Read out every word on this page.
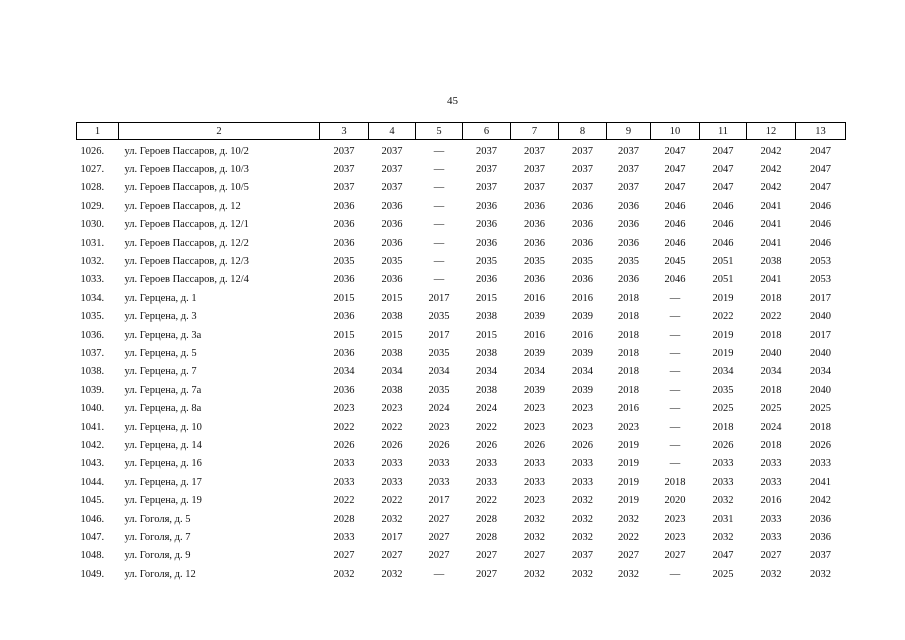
45
1	2	3	4	5	6	7	8	9	10	11	12	13
1026.	ул. Героев Пассаров, д. 10/2	2037	2037	—	2037	2037	2037	2037	2047	2047	2042	2047
1027.	ул. Героев Пассаров, д. 10/3	2037	2037	—	2037	2037	2037	2037	2047	2047	2042	2047
1028.	ул. Героев Пассаров, д. 10/5	2037	2037	—	2037	2037	2037	2037	2047	2047	2042	2047
1029.	ул. Героев Пассаров, д. 12	2036	2036	—	2036	2036	2036	2036	2046	2046	2041	2046
1030.	ул. Героев Пассаров, д. 12/1	2036	2036	—	2036	2036	2036	2036	2046	2046	2041	2046
1031.	ул. Героев Пассаров, д. 12/2	2036	2036	—	2036	2036	2036	2036	2046	2046	2041	2046
1032.	ул. Героев Пассаров, д. 12/3	2035	2035	—	2035	2035	2035	2035	2045	2051	2038	2053
1033.	ул. Героев Пассаров, д. 12/4	2036	2036	—	2036	2036	2036	2036	2046	2051	2041	2053
1034.	ул. Герцена, д. 1	2015	2015	2017	2015	2016	2016	2018	—	2019	2018	2017
1035.	ул. Герцена, д. 3	2036	2038	2035	2038	2039	2039	2018	—	2022	2022	2040
1036.	ул. Герцена, д. 3а	2015	2015	2017	2015	2016	2016	2018	—	2019	2018	2017
1037.	ул. Герцена, д. 5	2036	2038	2035	2038	2039	2039	2018	—	2019	2040	2040
1038.	ул. Герцена, д. 7	2034	2034	2034	2034	2034	2034	2018	—	2034	2034	2034
1039.	ул. Герцена, д. 7а	2036	2038	2035	2038	2039	2039	2018	—	2035	2018	2040
1040.	ул. Герцена, д. 8а	2023	2023	2024	2024	2023	2023	2016	—	2025	2025	2025
1041.	ул. Герцена, д. 10	2022	2022	2023	2022	2023	2023	2023	—	2018	2024	2018
1042.	ул. Герцена, д. 14	2026	2026	2026	2026	2026	2026	2019	—	2026	2018	2026
1043.	ул. Герцена, д. 16	2033	2033	2033	2033	2033	2033	2019	—	2033	2033	2033
1044.	ул. Герцена, д. 17	2033	2033	2033	2033	2033	2033	2019	2018	2033	2033	2041
1045.	ул. Герцена, д. 19	2022	2022	2017	2022	2023	2032	2019	2020	2032	2016	2042
1046.	ул. Гоголя, д. 5	2028	2032	2027	2028	2032	2032	2032	2023	2031	2033	2036
1047.	ул. Гоголя, д. 7	2033	2017	2027	2028	2032	2032	2022	2023	2032	2033	2036
1048.	ул. Гоголя, д. 9	2027	2027	2027	2027	2027	2037	2027	2027	2047	2027	2037
1049.	ул. Гоголя, д. 12	2032	2032	—	2027	2032	2032	2032	—	2025	2032	2032
